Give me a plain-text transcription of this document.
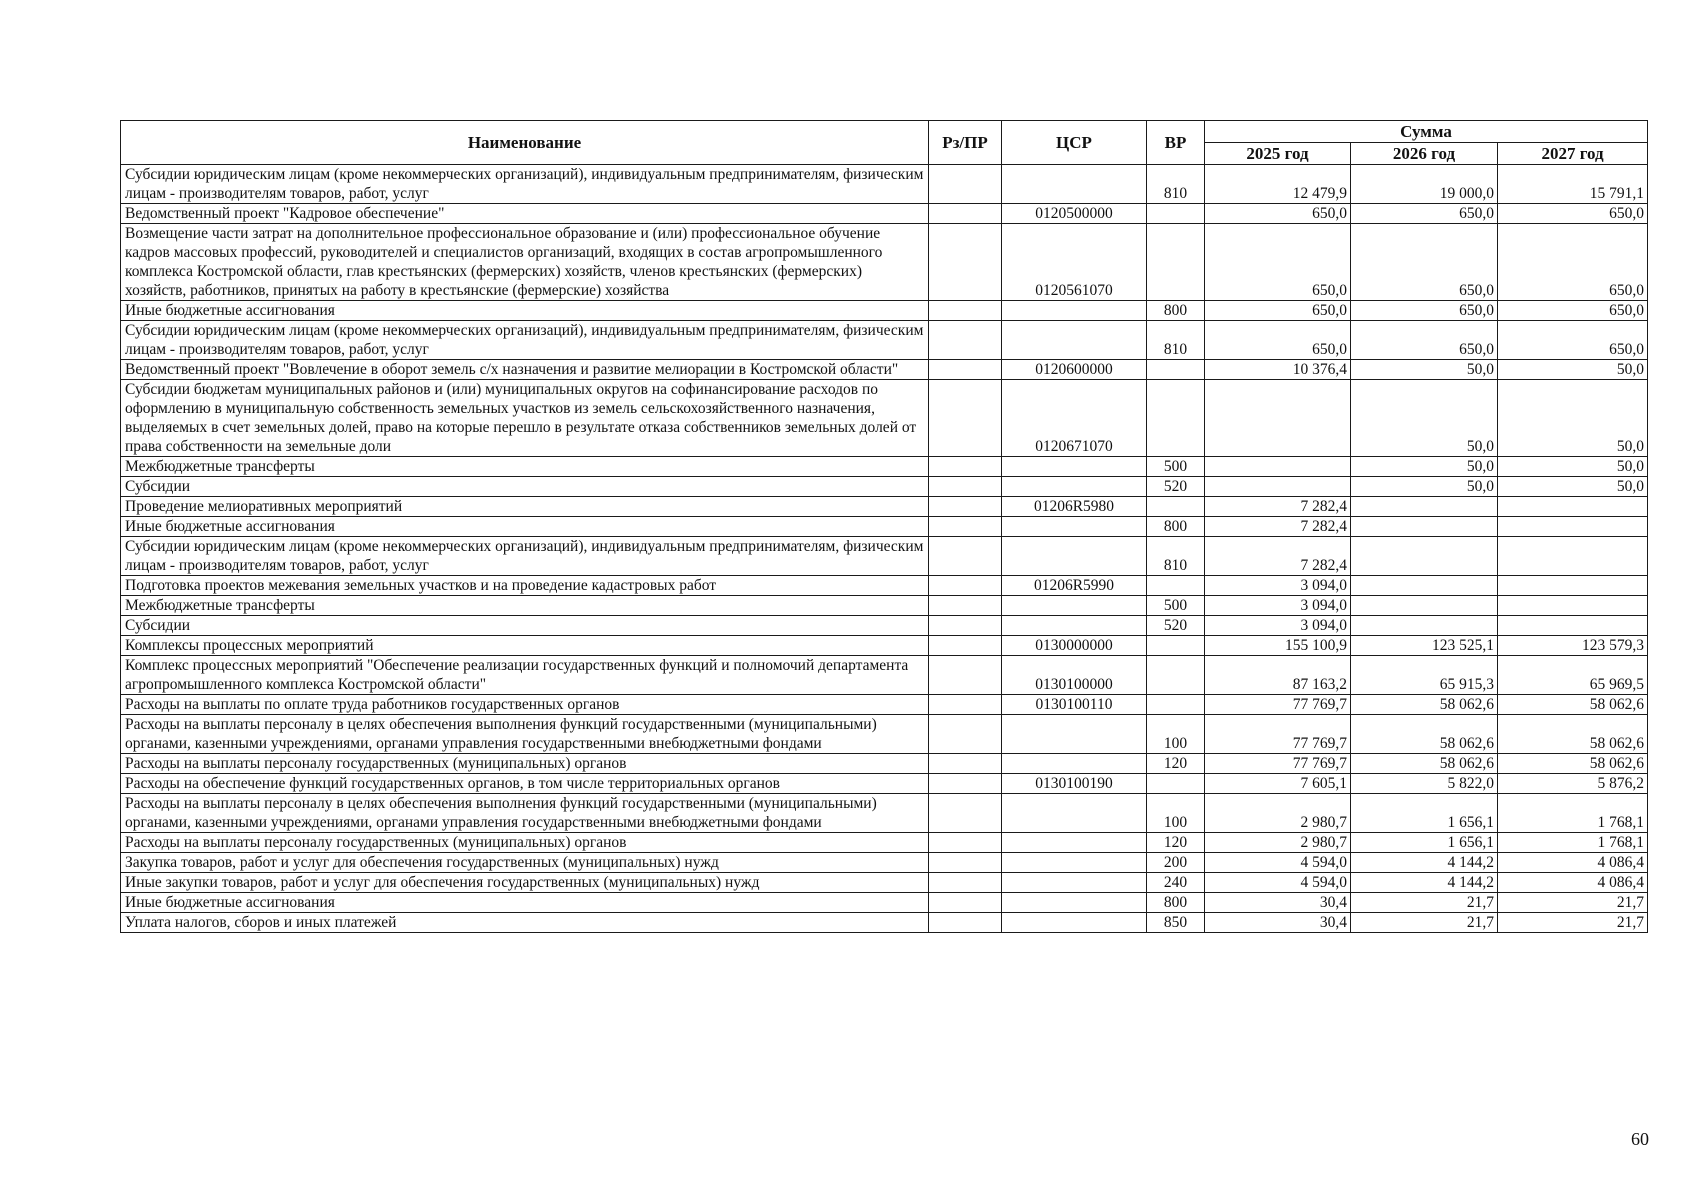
Наименование	Рз/ПР	ЦСР	ВР	Сумма		
				2025 год	2026 год	2027 год
Субсидии юридическим лицам (кроме некоммерческих организаций), индивидуальным предпринимателям, физическим лицам - производителям товаров, работ, услуг			810	12 479,9	19 000,0	15 791,1
Ведомственный проект "Кадровое обеспечение"		0120500000		650,0	650,0	650,0
Возмещение части затрат на дополнительное профессиональное образование и (или) профессиональное обучение кадров массовых профессий, руководителей и специалистов организаций, входящих в состав агропромышленного комплекса Костромской области, глав крестьянских (фермерских) хозяйств, членов крестьянских (фермерских) хозяйств, работников, принятых на работу в крестьянские (фермерские) хозяйства		0120561070		650,0	650,0	650,0
Иные бюджетные ассигнования			800	650,0	650,0	650,0
Субсидии юридическим лицам (кроме некоммерческих организаций), индивидуальным предпринимателям, физическим лицам - производителям товаров, работ, услуг			810	650,0	650,0	650,0
Ведомственный проект "Вовлечение в оборот земель с/х назначения и развитие мелиорации в Костромской области"		0120600000		10 376,4	50,0	50,0
Субсидии бюджетам муниципальных районов и (или) муниципальных округов на софинансирование расходов по оформлению в муниципальную собственность земельных участков из земель сельскохозяйственного назначения, выделяемых в счет земельных долей, право на которые перешло в результате отказа собственников земельных долей от права собственности на земельные доли		0120671070			50,0	50,0
Межбюджетные трансферты			500		50,0	50,0
Субсидии			520		50,0	50,0
Проведение мелиоративных мероприятий		01206R5980		7 282,4		
Иные бюджетные ассигнования			800	7 282,4		
Субсидии юридическим лицам (кроме некоммерческих организаций), индивидуальным предпринимателям, физическим лицам - производителям товаров, работ, услуг			810	7 282,4		
Подготовка проектов межевания земельных участков и на проведение кадастровых работ		01206R5990		3 094,0		
Межбюджетные трансферты			500	3 094,0		
Субсидии			520	3 094,0		
Комплексы процессных мероприятий		0130000000		155 100,9	123 525,1	123 579,3
Комплекс процессных мероприятий "Обеспечение реализации государственных функций и полномочий департамента агропромышленного комплекса Костромской области"		0130100000		87 163,2	65 915,3	65 969,5
Расходы на выплаты по оплате труда работников государственных органов		0130100110		77 769,7	58 062,6	58 062,6
Расходы на выплаты персоналу в целях обеспечения выполнения функций государственными (муниципальными) органами, казенными учреждениями, органами управления государственными внебюджетными фондами			100	77 769,7	58 062,6	58 062,6
Расходы на выплаты персоналу государственных (муниципальных) органов			120	77 769,7	58 062,6	58 062,6
Расходы на обеспечение функций государственных органов, в том числе территориальных органов		0130100190		7 605,1	5 822,0	5 876,2
Расходы на выплаты персоналу в целях обеспечения выполнения функций государственными (муниципальными) органами, казенными учреждениями, органами управления государственными внебюджетными фондами			100	2 980,7	1 656,1	1 768,1
Расходы на выплаты персоналу государственных (муниципальных) органов			120	2 980,7	1 656,1	1 768,1
Закупка товаров, работ и услуг для обеспечения государственных (муниципальных) нужд			200	4 594,0	4 144,2	4 086,4
Иные закупки товаров, работ и услуг для обеспечения государственных (муниципальных) нужд			240	4 594,0	4 144,2	4 086,4
Иные бюджетные ассигнования			800	30,4	21,7	21,7
Уплата налогов, сборов и иных платежей			850	30,4	21,7	21,7
60
